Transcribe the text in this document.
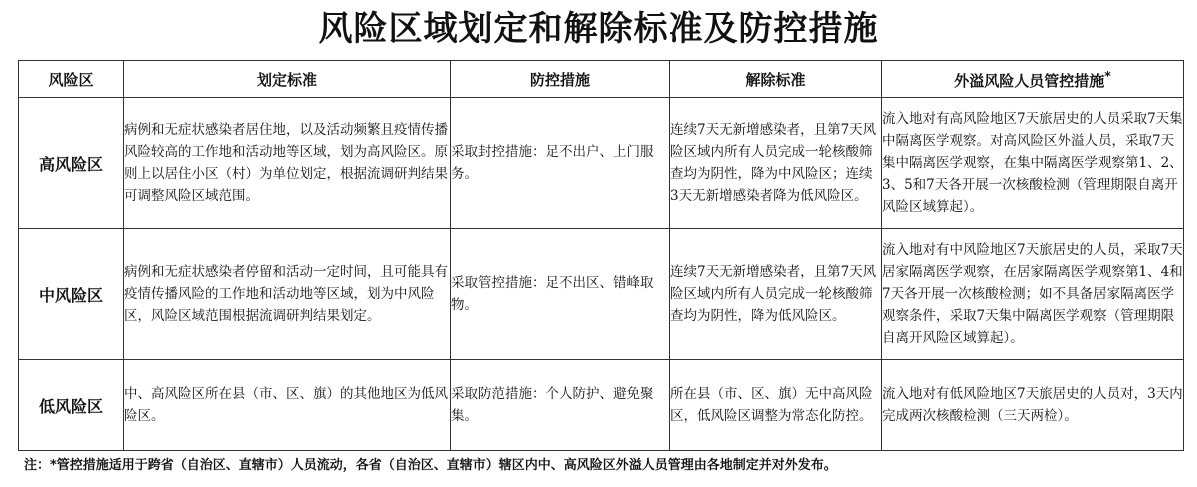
风险区域划定和解除标准及防控措施
风险区	划定标准	防控措施	解除标准	外溢风险人员管控措施*
高风险区	病例和无症状感染者居住地，以及活动频繁且疫情传播风险较高的工作地和活动地等区域，划为高风险区。原则上以居住小区（村）为单位划定，根据流调研判结果可调整风险区域范围。	采取封控措施：足不出户、上门服务。	连续7天无新增感染者，且第7天风险区域内所有人员完成一轮核酸筛查均为阴性，降为中风险区；连续3天无新增感染者降为低风险区。	流入地对有高风险地区7天旅居史的人员采取7天集中隔离医学观察。对高风险区外溢人员，采取7天集中隔离医学观察，在集中隔离医学观察第1、2、3、5和7天各开展一次核酸检测（管理期限自离开风险区域算起）。
中风险区	病例和无症状感染者停留和活动一定时间，且可能具有疫情传播风险的工作地和活动地等区域，划为中风险区，风险区域范围根据流调研判结果划定。	采取管控措施：足不出区、错峰取物。	连续7天无新增感染者，且第7天风险区域内所有人员完成一轮核酸筛查均为阴性，降为低风险区。	流入地对有中风险地区7天旅居史的人员，采取7天居家隔离医学观察，在居家隔离医学观察第1、4和7天各开展一次核酸检测；如不具备居家隔离医学观察条件，采取7天集中隔离医学观察（管理期限自离开风险区域算起）。
低风险区	中、高风险区所在县（市、区、旗）的其他地区为低风险区。	采取防范措施：个人防护、避免聚集。	所在县（市、区、旗）无中高风险区，低风险区调整为常态化防控。	流入地对有低风险地区7天旅居史的人员对，3天内完成两次核酸检测（三天两检）。
注：*管控措施适用于跨省（自治区、直辖市）人员流动，各省（自治区、直辖市）辖区内中、高风险区外溢人员管理由各地制定并对外发布。
